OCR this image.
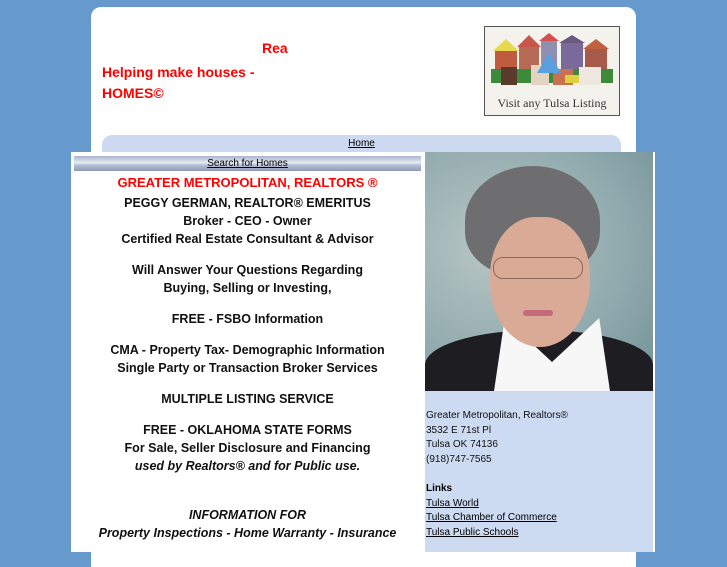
Rea
Helping make houses - HOMES©
Visit any Tulsa Listing
Home
Search for Homes

GREATER METROPOLITAN, REALTORS ®

PEGGY GERMAN, REALTOR® EMERITUS

Broker - CEO - Owner

Certified Real Estate Consultant & Advisor

Will Answer Your Questions Regarding

Buying, Selling or Investing,

FREE - FSBO Information

CMA - Property Tax- Demographic Information

Single Party or Transaction Broker Services

MULTIPLE LISTING SERVICE

FREE - OKLAHOMA STATE FORMS

For Sale, Seller Disclosure and Financing

used by Realtors® and for Public use.

INFORMATION FOR

Property Inspections - Home Warranty - Insurance

Greater Metropolitan, Realtors®
3532 E 71st Pl
Tulsa OK 74136
(918)747-7565
Links
Tulsa World
Tulsa Chamber of Commerce
Tulsa Public Schools
